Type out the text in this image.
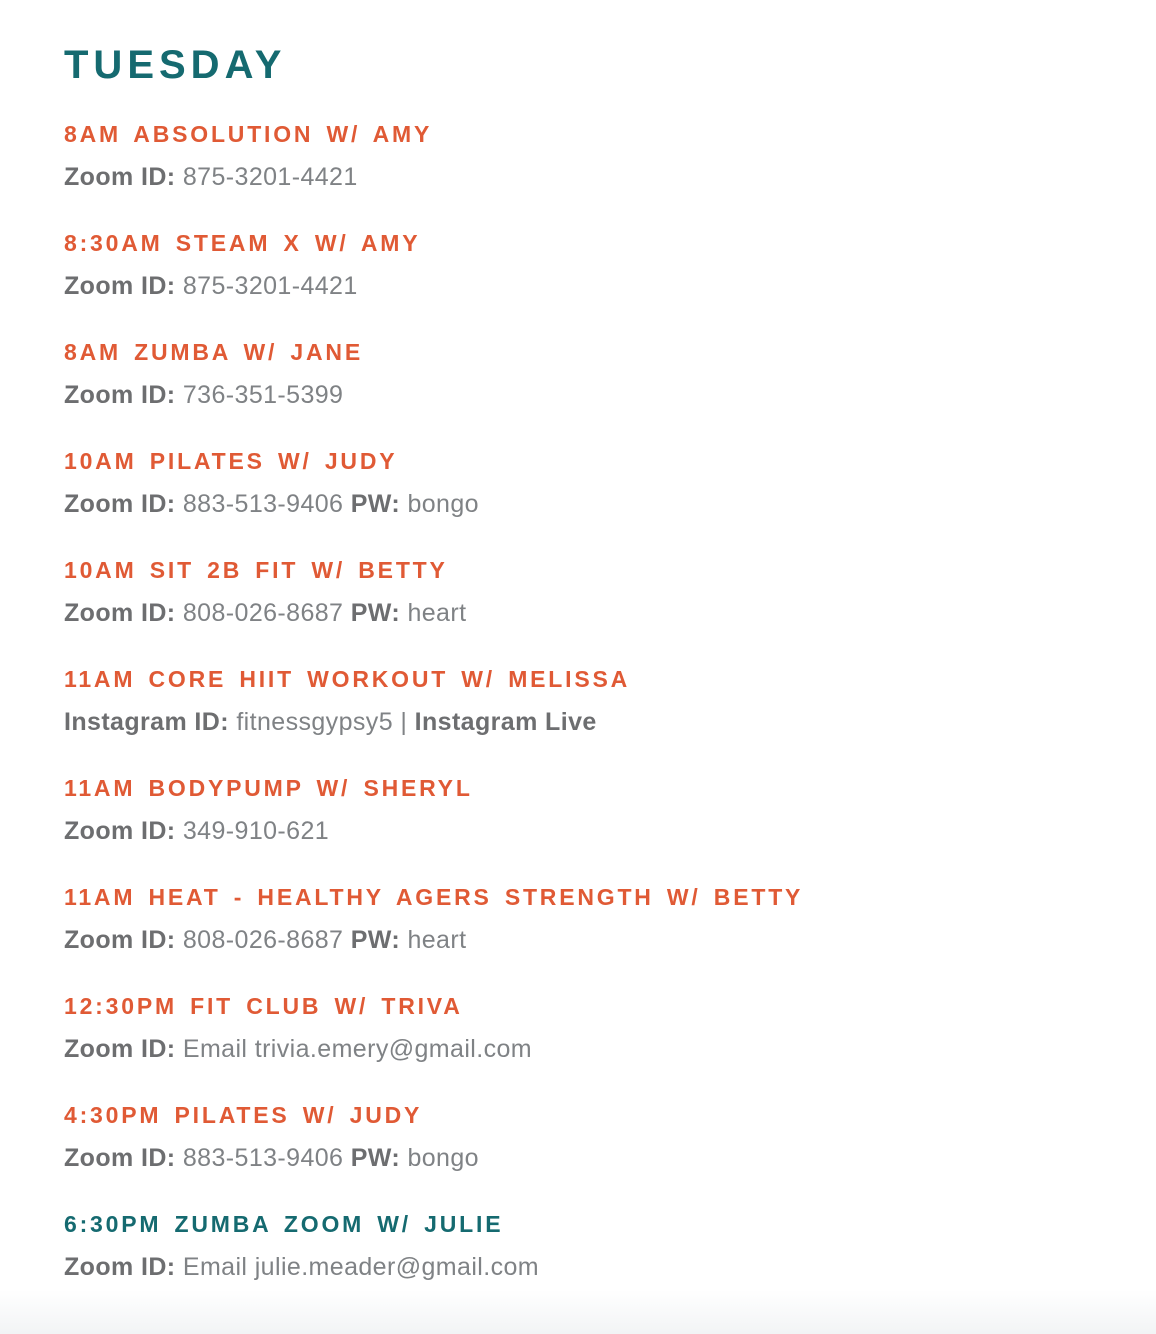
TUESDAY
8AM ABSOLUTION W/ AMY

Zoom ID: 875-3201-4421

8:30AM STEAM X W/ AMY

Zoom ID: 875-3201-4421

8AM ZUMBA W/ JANE

Zoom ID: 736-351-5399

10AM PILATES W/ JUDY

Zoom ID: 883-513-9406 PW: bongo

10AM SIT 2B FIT W/ BETTY

Zoom ID: 808-026-8687 PW: heart

11AM CORE HIIT WORKOUT W/ MELISSA

Instagram ID: fitnessgypsy5 | Instagram Live

11AM BODYPUMP W/ SHERYL

Zoom ID: 349-910-621

11AM HEAT - HEALTHY AGERS STRENGTH W/ BETTY

Zoom ID: 808-026-8687 PW: heart

12:30PM FIT CLUB W/ TRIVA

Zoom ID: Email trivia.emery@gmail.com

4:30PM PILATES W/ JUDY

Zoom ID: 883-513-9406 PW: bongo

6:30PM ZUMBA ZOOM W/ JULIE

Zoom ID: Email julie.meader@gmail.com
